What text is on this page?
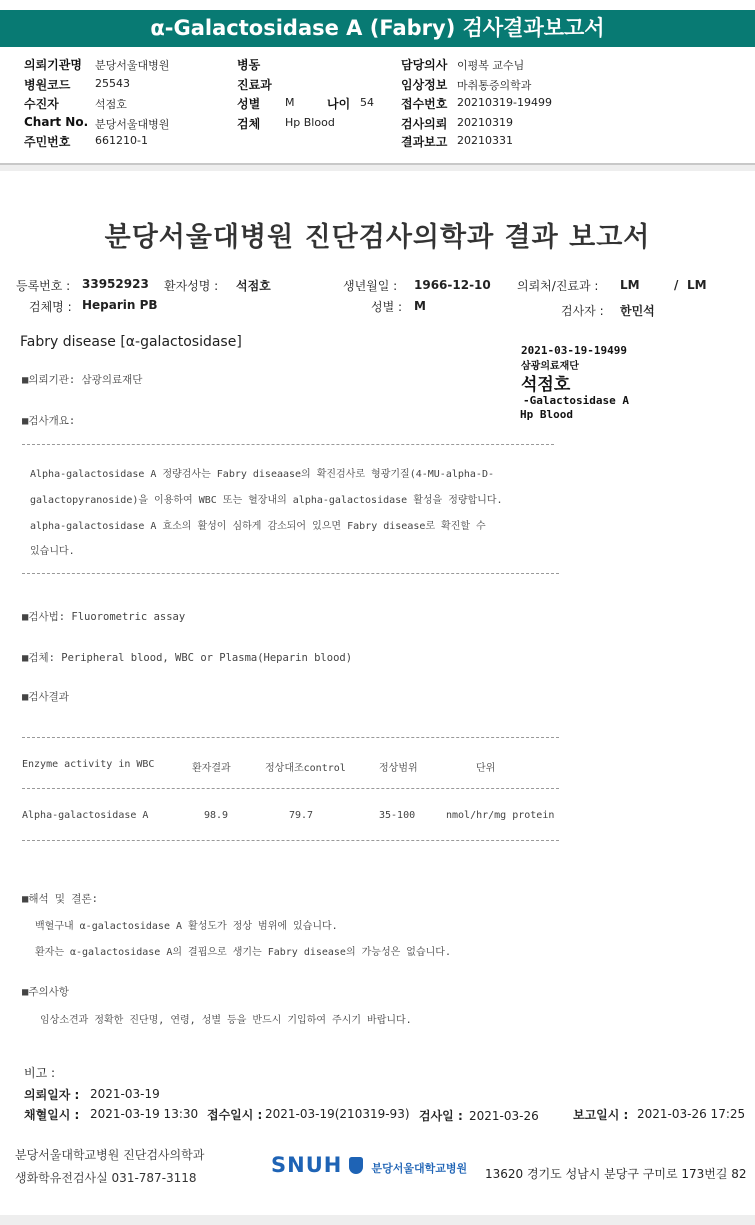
α-Galactosidase A (Fabry) 검사결과보고서
의뢰기관명 분당서울대병원
병원코드 25543
수진자	석점호
Chart No. 분당서울대병원
주민번호 661210-1
병동
진료과
성별 M	나이 54
검체 Hp Blood
담당의사 이평복 교수님
임상정보 마취통증의학과
접수번호 20210319-19499
검사의뢰 20210319
결과보고 20210331
분당서울대병원 진단검사의학과 결과 보고서
등록번호 : 33952923 환자성명 : 석점호	생년월일 : 1966-12-10 의뢰처/진료과 : LM	/ LM
검체명 : Heparin PB	성별 : M	검사자 : 한민석
Fabry disease [α-galactosidase]
2021-03-19-19499
삼광의료재단
석점호
-Galactosidase A
Hp Blood
■의뢰기관: 삼광의료재단
■검사개요:
Alpha-galactosidase A 정량검사는 Fabry diseaase의 확진검사로 형광기질(4-MU-alpha-D-
galactopyranoside)을 이용하여 WBC 또는 혈장내의 alpha-galactosidase 활성을 정량합니다.
alpha-galactosidase A 효소의 활성이 심하게 감소되어 있으면 Fabry disease로 확진할 수
있습니다.
■검사법: Fluorometric assay
■검체: Peripheral blood, WBC or Plasma(Heparin blood)
■검사결과
Enzyme activity in WBC	환자결과	정상대조control	정상범위	단위
Alpha-galactosidase A	98.9	79.7	35-100	nmol/hr/mg protein
■해석 및 결론:
백혈구내 α-galactosidase A 활성도가 정상 범위에 있습니다.
환자는 α-galactosidase A의 결핍으로 생기는 Fabry disease의 가능성은 없습니다.
■주의사항
임상소견과 정확한 진단명, 연령, 성별 등을 반드시 기입하여 주시기 바랍니다.
비고 :
의뢰일자 : 2021-03-19
채혈일시 : 2021-03-19 13:30 접수일시 : 2021-03-19(210319-93) 검사일 : 2021-03-26	보고일시 : 2021-03-26 17:25
분당서울대학교병원 진단검사의학과
생화학유전검사실 031-787-3118
SNUH	분당서울대학교병원 13620 경기도 성남시 분당구 구미로 173번길 82
